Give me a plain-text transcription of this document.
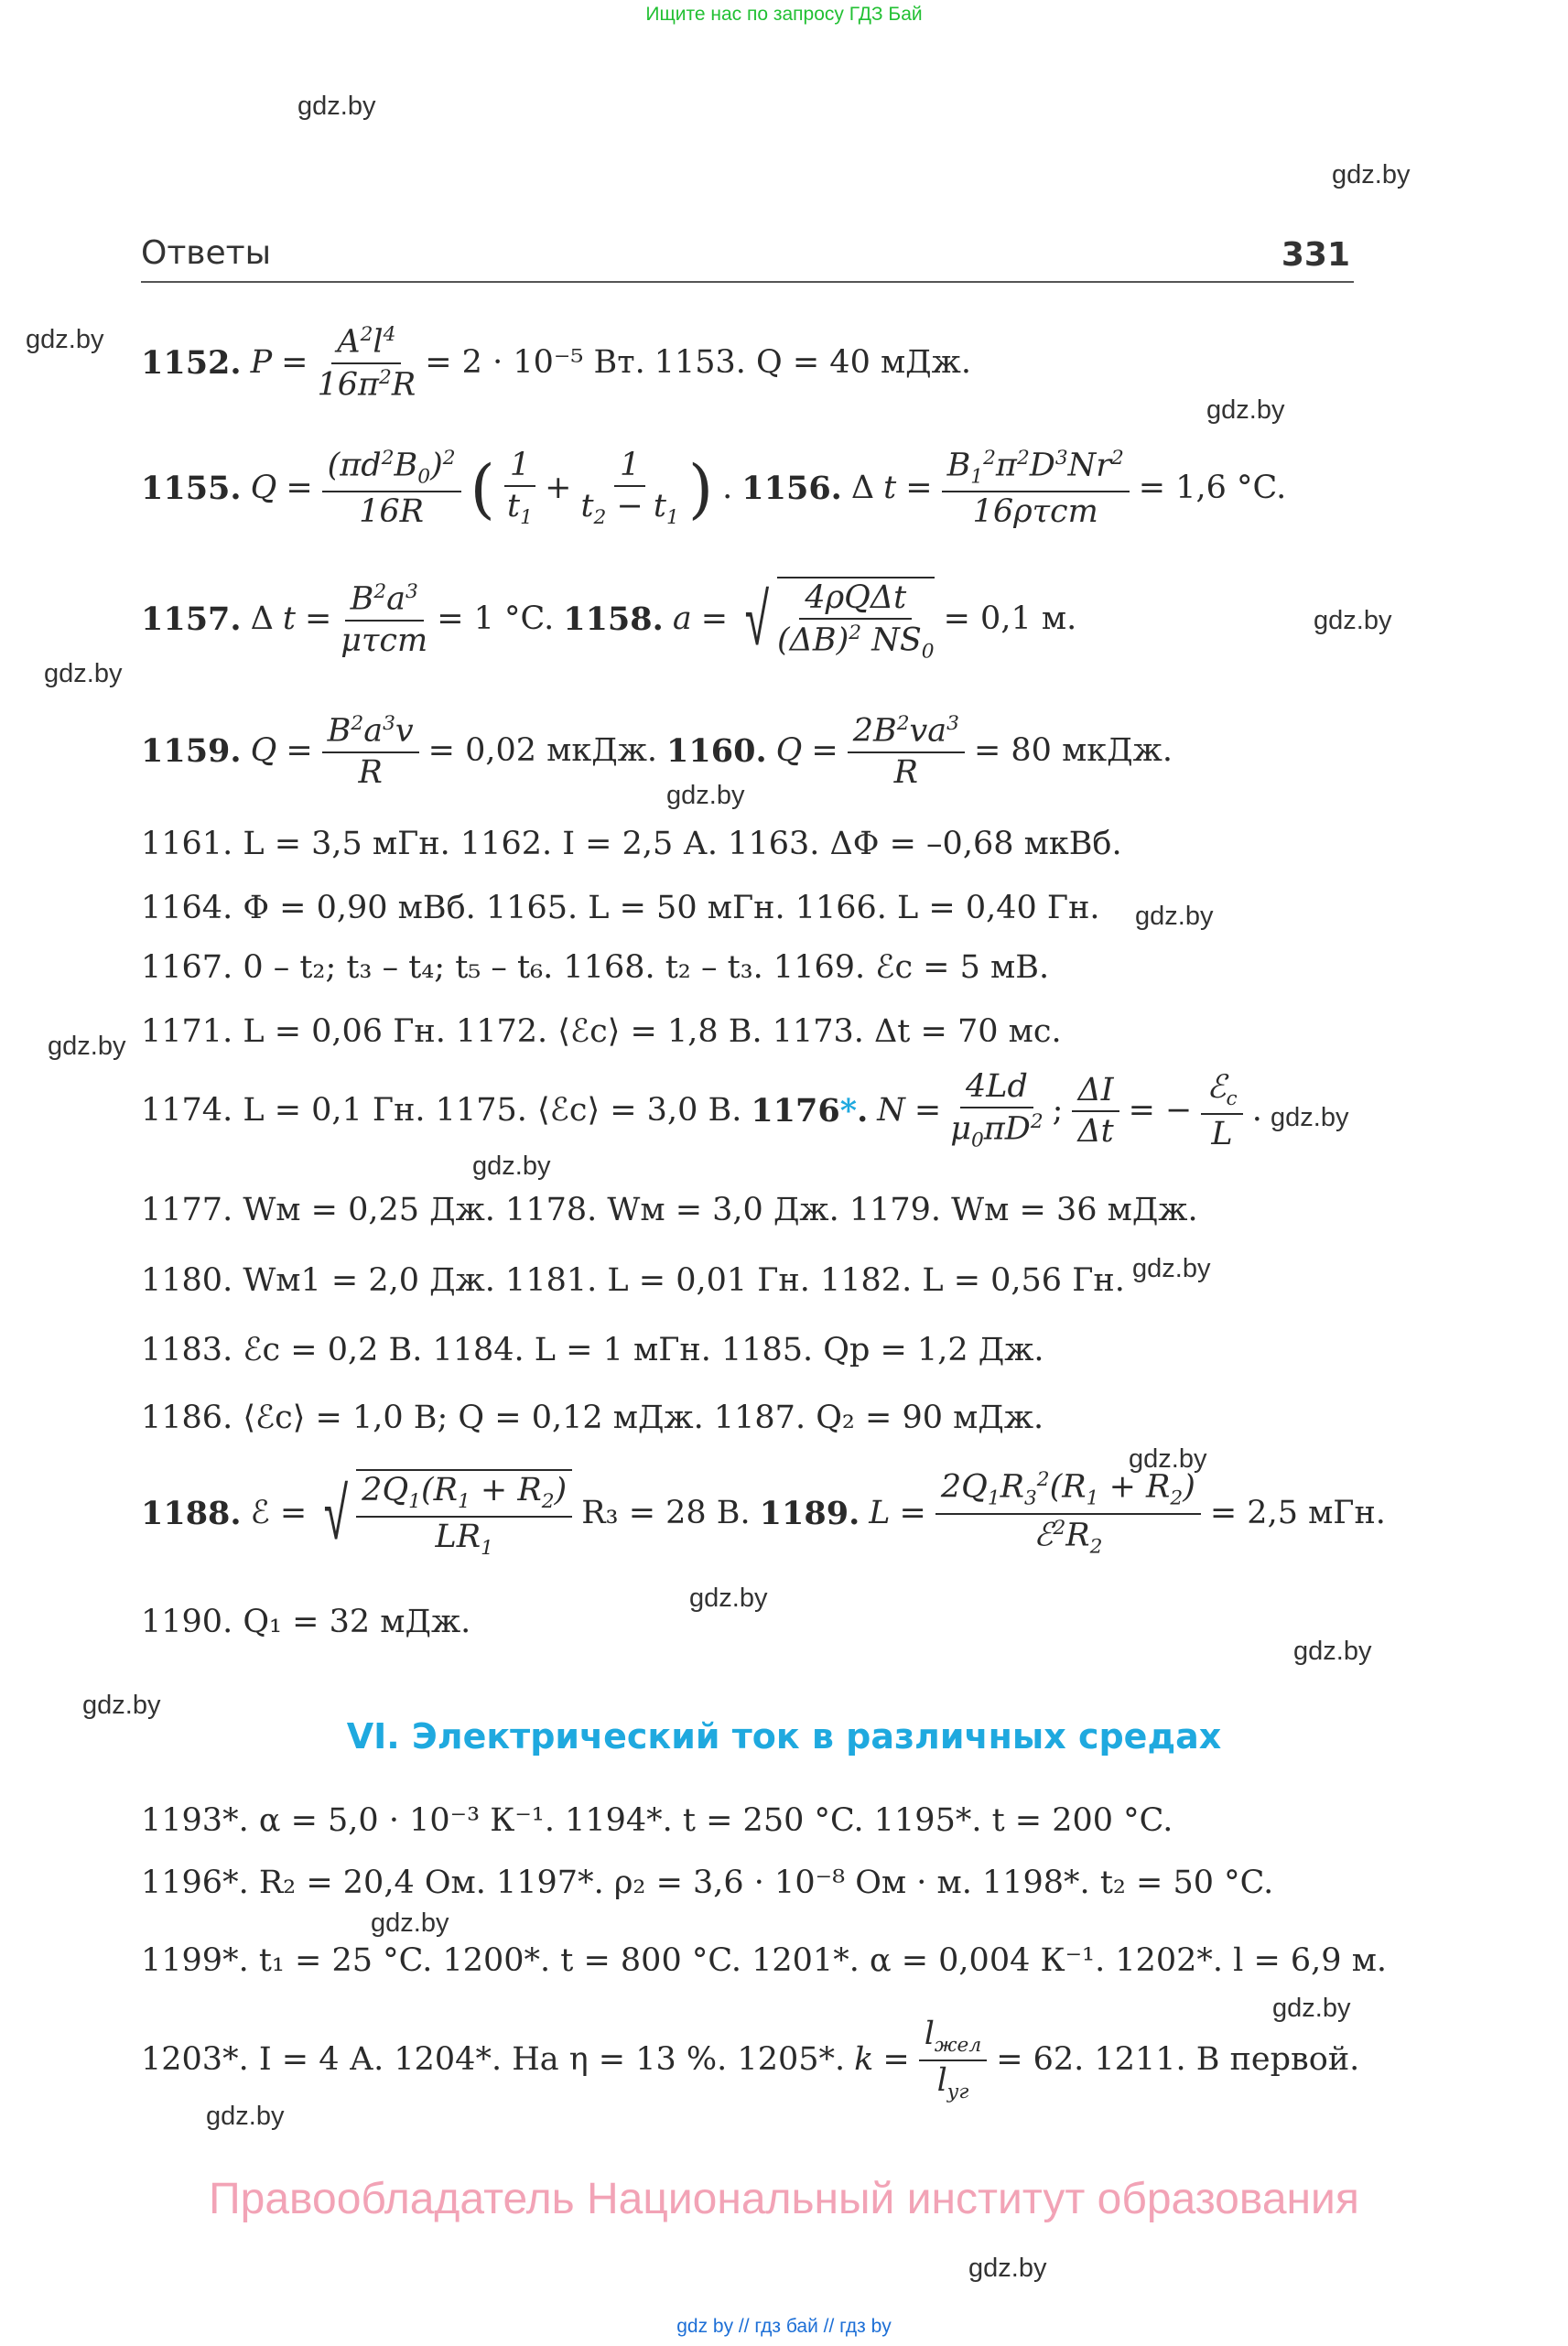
Ищите нас по запросу ГДЗ Бай
gdz.by
gdz.by
gdz.by
gdz.by
gdz.by
gdz.by
gdz.by
gdz.by
gdz.by
gdz.by
gdz.by
gdz.by
gdz.by
gdz.by
gdz.by
gdz.by
gdz.by
gdz.by
gdz.by
gdz.by
Ответы	331
1152. $P = \frac{A^2l^4}{16\pi^2R} = 2 \cdot 10^{-5}$ Вт. 1153. Q = 40 мДж.
1155. $Q = \frac{(\pi d^2B_0)^2}{16R}$ ( $\frac{1}{t_1} + \frac{1}{t_2 - t_1}$ ) . 1156. Δ $t = \frac{B_1^2\pi^2D^3Nr^2}{\text{16ρτcm}} = 1,6$ °C.
1157. Δ $t = \frac{B^2a^3}{\text{μτcm}} = 1$ °C. 1158. a = √ $\frac{\text{4ρQΔt}}{(\Delta B)^2 NS_0} = 0,1$ м.
1159. $Q = \frac{B^2a^3v}{R} = 0,02$ мкДж. 1160. $Q = \frac{2B^2va^3}{R} = 80$ мкДж.
1161. L = 3,5 мГн. 1162. I = 2,5 А. 1163. ΔΦ = –0,68 мкВб.
1164. Φ = 0,90 мВб. 1165. L = 50 мГн. 1166. L = 0,40 Гн.
1167. 0 – t₂; t₃ – t₄; t₅ – t₆. 1168. t₂ – t₃. 1169. ℰc = 5 мВ.
1171. L = 0,06 Гн. 1172. ⟨ℰc⟩ = 1,8 В. 1173. Δt = 70 мс.
1174. L = 0,1 Гн. 1175. ⟨ℰc⟩ = 3,0 В. 1176*. $N = \frac{4Ld}{\mu_0\pi D^2}$ ; $\frac{\Delta I}{\Delta t}$ = − $\frac{ℰ_c}{L}$ .
1177. Wм = 0,25 Дж. 1178. Wм = 3,0 Дж. 1179. Wм = 36 мДж.
1180. Wм1 = 2,0 Дж. 1181. L = 0,01 Гн. 1182. L = 0,56 Гн.
1183. ℰc = 0,2 В. 1184. L = 1 мГн. 1185. Qр = 1,2 Дж.
1186. ⟨ℰc⟩ = 1,0 В; Q = 0,12 мДж. 1187. Q₂ = 90 мДж.
1188. ℰ = √ $\frac{2Q_1(R_1 + R_2)}{LR_1} R_3 = 28$ В. 1189. $L = \frac{2Q_1R_3^2(R_1 + R_2)}{ℰ^2R_2} = 2,5$ мГн.
1190. Q₁ = 32 мДж.
VI. Электрический ток в различных средах
1193*. α = 5,0 · 10⁻³ К⁻¹. 1194*. t = 250 °C. 1195*. t = 200 °C.
1196*. R₂ = 20,4 Ом. 1197*. ρ₂ = 3,6 · 10⁻⁸ Ом · м. 1198*. t₂ = 50 °C.
1199*. t₁ = 25 °C. 1200*. t = 800 °C. 1201*. α = 0,004 К⁻¹. 1202*. l = 6,9 м.
1203*. I = 4 А. 1204*. На η = 13 %. 1205*. $k = \frac{l_{жел}}{l_{уг}} = 62$. 1211. В первой.
Правообладатель Национальный институт образования
gdz by // гдз бай // гдз by
